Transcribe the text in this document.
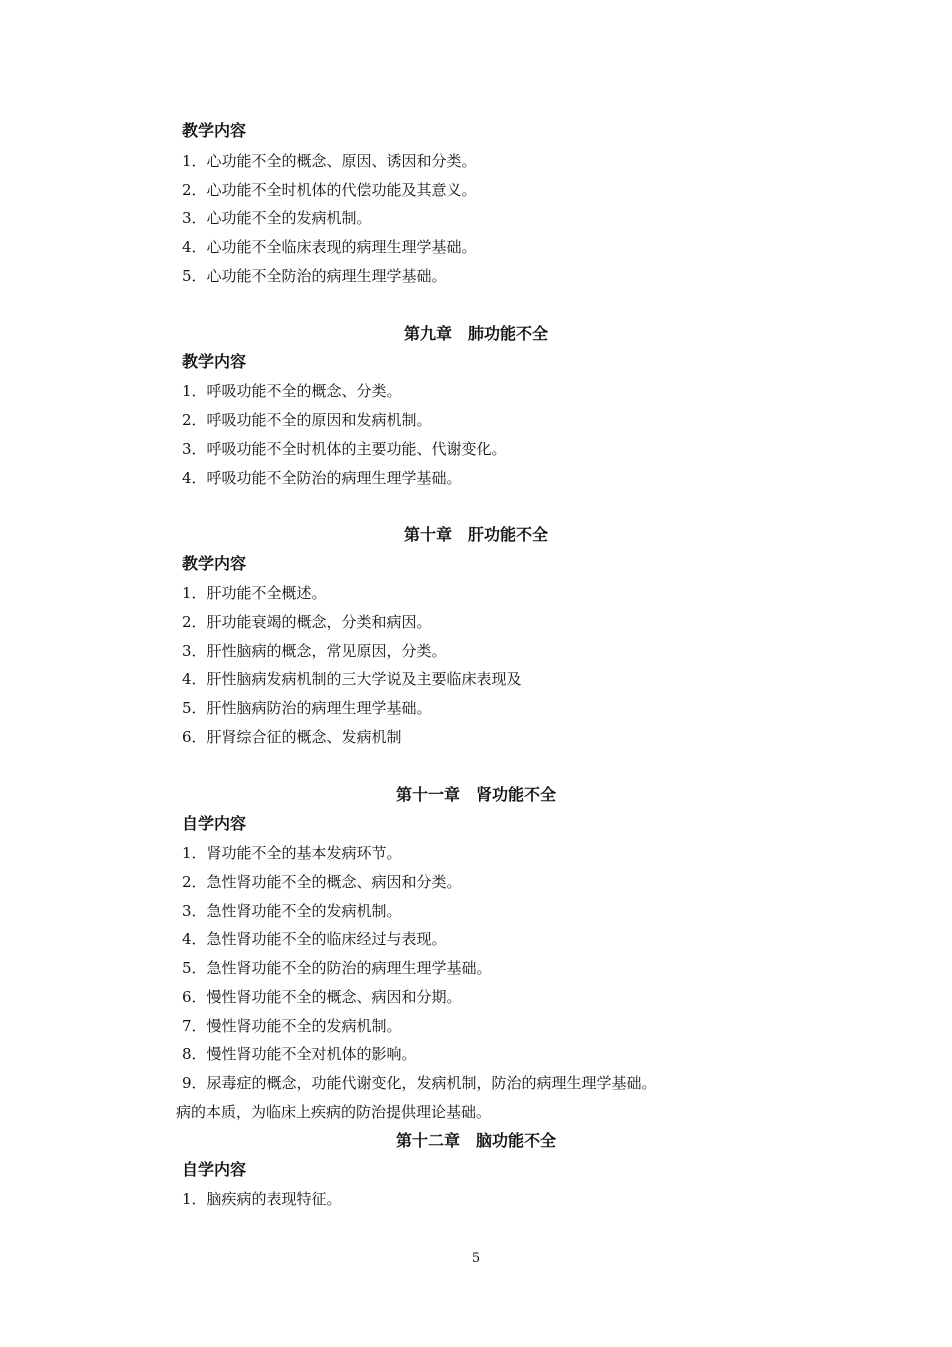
教学内容
1．心功能不全的概念、原因、诱因和分类。
2．心功能不全时机体的代偿功能及其意义。
3．心功能不全的发病机制。
4．心功能不全临床表现的病理生理学基础。
5．心功能不全防治的病理生理学基础。
第九章　肺功能不全
教学内容
1．呼吸功能不全的概念、分类。
2．呼吸功能不全的原因和发病机制。
3．呼吸功能不全时机体的主要功能、代谢变化。
4．呼吸功能不全防治的病理生理学基础。
第十章　肝功能不全
教学内容
1．肝功能不全概述。
2．肝功能衰竭的概念，分类和病因。
3．肝性脑病的概念，常见原因，分类。
4．肝性脑病发病机制的三大学说及主要临床表现及
5．肝性脑病防治的病理生理学基础。
6．肝肾综合征的概念、发病机制
第十一章　肾功能不全
自学内容
1．肾功能不全的基本发病环节。
2．急性肾功能不全的概念、病因和分类。
3．急性肾功能不全的发病机制。
4．急性肾功能不全的临床经过与表现。
5．急性肾功能不全的防治的病理生理学基础。
6．慢性肾功能不全的概念、病因和分期。
7．慢性肾功能不全的发病机制。
8．慢性肾功能不全对机体的影响。
9．尿毒症的概念，功能代谢变化，发病机制，防治的病理生理学基础。
病的本质，为临床上疾病的防治提供理论基础。
第十二章　脑功能不全
自学内容
1．脑疾病的表现特征。
5
